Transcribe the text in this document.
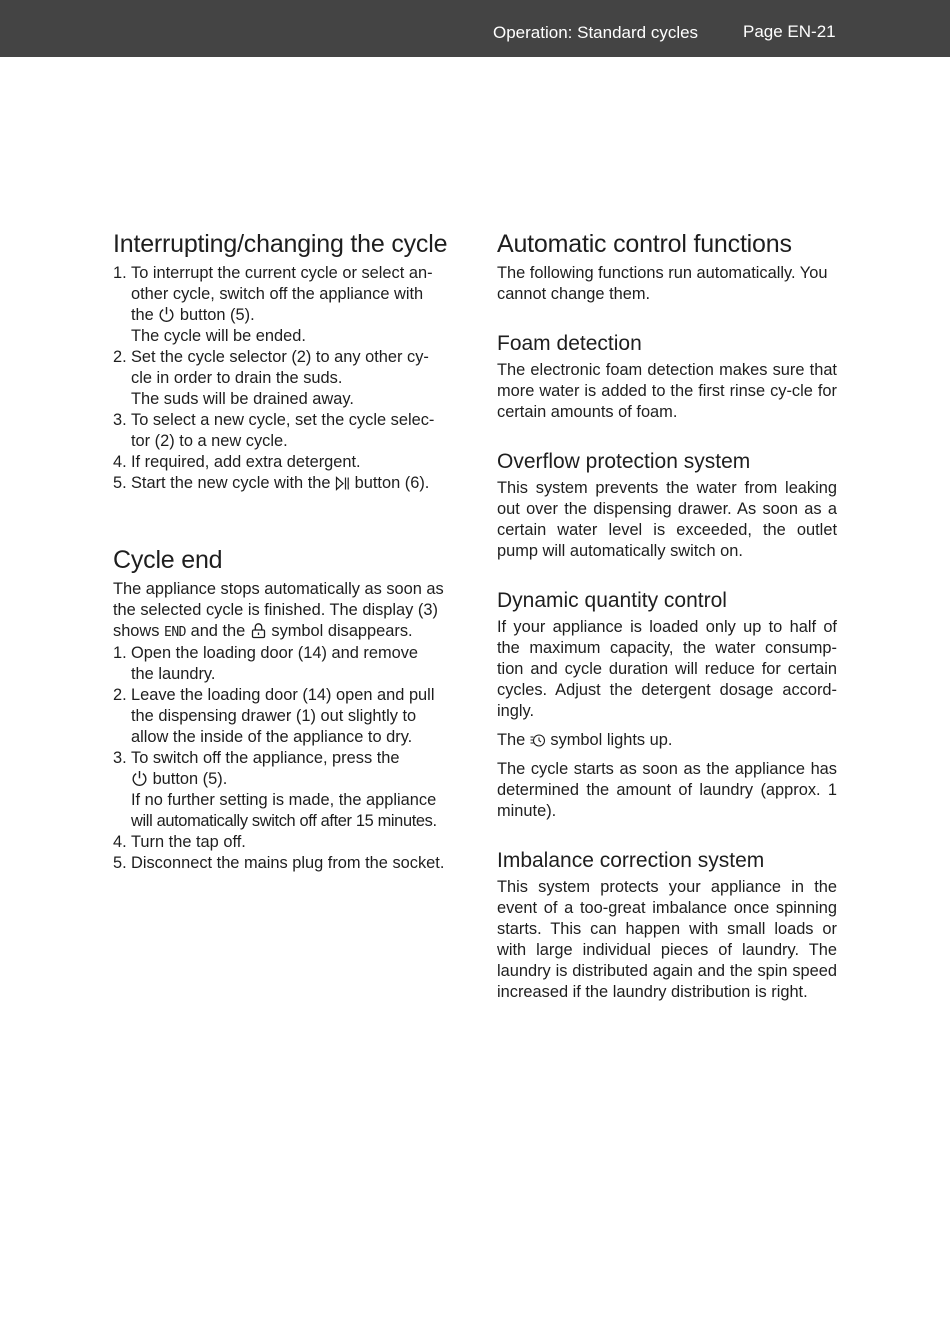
Operation: Standard cycles	Page EN-21
Interrupting/changing the cycle
1. To interrupt the current cycle or select an-
other cycle, switch off the appliance with
the button (5).
The cycle will be ended.
2. Set the cycle selector (2) to any other cy-
cle in order to drain the suds.
The suds will be drained away.
3. To select a new cycle, set the cycle selec-
tor (2) to a new cycle.
4. If required, add extra detergent.
5. Start the new cycle with the button (6).
Cycle end

The appliance stops automatically as soon as
the selected cycle is finished. The display (3)
shows END and the symbol disappears.

1. Open the loading door (14) and remove
the laundry.
2. Leave the loading door (14) open and pull
the dispensing drawer (1) out slightly to
allow the inside of the appliance to dry.
3. To switch off the appliance, press the
button (5).
If no further setting is made, the appliance
will automatically switch off after 15 minutes.
4. Turn the tap off.
5. Disconnect the mains plug from the socket.
Automatic control functions

The following functions run automatically. You cannot change them.

Foam detection

The electronic foam detection makes sure that more water is added to the first rinse cy-cle for certain amounts of foam.

Overflow protection system

This system prevents the water from leaking out over the dispensing drawer. As soon as a certain water level is exceeded, the outlet pump will automatically switch on.

Dynamic quantity control

If your appliance is loaded only up to half of the maximum capacity, the water consump-tion and cycle duration will reduce for certain cycles. Adjust the detergent dosage accord-ingly.

The symbol lights up.

The cycle starts as soon as the appliance has determined the amount of laundry (approx. 1 minute).

Imbalance correction system

This system protects your appliance in the event of a too-great imbalance once spinning starts. This can happen with small loads or with large individual pieces of laundry. The laundry is distributed again and the spin speed increased if the laundry distribution is right.
